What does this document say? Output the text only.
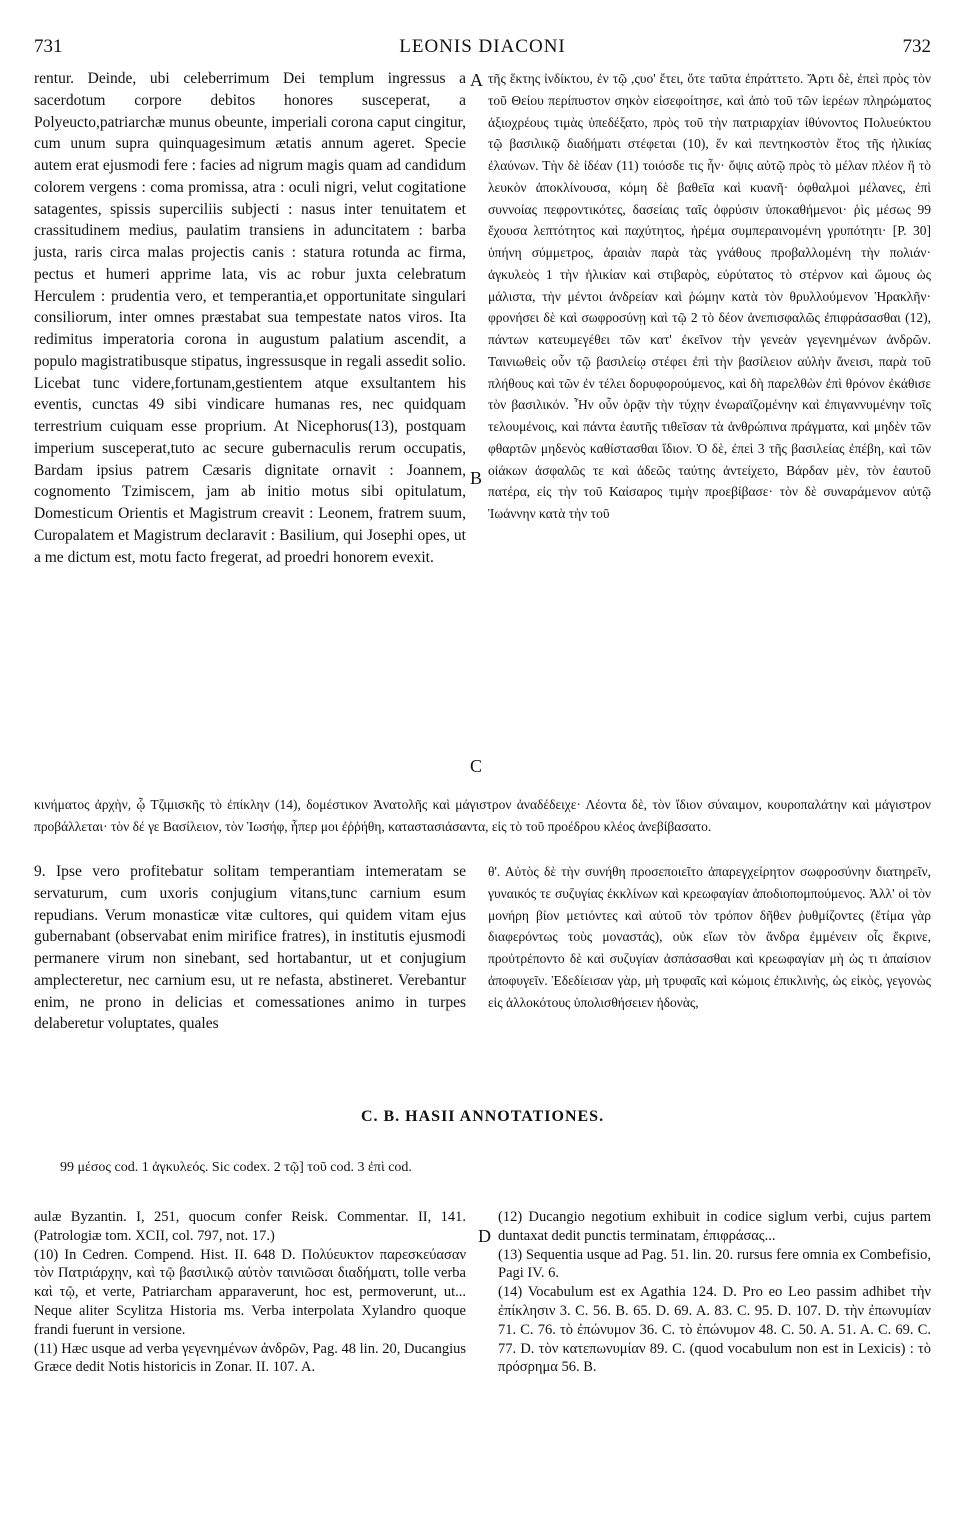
731	LEONIS DIACONI	732

rentur. Deinde, ubi celeberrimum Dei templum ingressus a sacerdotum corpore debitos honores susceperat, a Polyeucto,patriarchæ munus obeunte, imperiali corona caput cingitur, cum unum supra quinquagesimum ætatis annum ageret. Specie autem erat ejusmodi fere : facies ad nigrum magis quam ad candidum colorem vergens : coma promissa, atra : oculi nigri, velut cogitatione satagentes, spissis superciliis subjecti : nasus inter tenuitatem et crassitudinem medius, paulatim transiens in aduncitatem : barba justa, raris circa malas projectis canis : statura rotunda ac firma, pectus et humeri apprime lata, vis ac robur juxta celebratum Herculem : prudentia vero, et temperantia,et opportunitate singulari consiliorum, inter omnes præstabat sua tempestate natos viros. Ita redimitus imperatoria corona in augustum palatium ascendit, a populo magistratibusque stipatus, ingressusque in regali assedit solio. Licebat tunc videre,fortunam,gestientem atque exsultantem his eventis, cunctas 49 sibi vindicare humanas res, nec quidquam terrestrium cuiquam esse proprium. At Nicephorus(13), postquam imperium susceperat,tuto ac secure gubernaculis rerum occupatis, Bardam ipsius patrem Cæsaris dignitate ornavit : Joannem, cognomento Tzimiscem, jam ab initio motus sibi opitulatum, Domesticum Orientis et Magistrum creavit : Leonem, fratrem suum, Curopalatem et Magistrum declaravit : Basilium, qui Josephi opes, ut a me dictum est, motu facto fregerat, ad proedri honorem evexit.

τῆς ἕκτης ἰνδίκτου, ἐν τῷ ,ςυο' ἔτει, ὅτε ταῦτα ἐπράττετο. Ἄρτι δὲ, ἐπεὶ πρὸς τὸν τοῦ Θείου περίπυστον σηκὸν εἰσεφοίτησε, καὶ ἀπὸ τοῦ τῶν ἱερέων πληρώματος ἀξιοχρέους τιμὰς ὑπεδέξατο, πρὸς τοῦ τὴν πατριαρχίαν ἰθύνοντος Πολυεύκτου τῷ βασιλικῷ διαδήματι στέφεται (10), ἕν καὶ πεντηκοστὸν ἔτος τῆς ἡλικίας ἐλαύνων. Τὴν δὲ ἰδέαν (11) τοιόσδε τις ἦν· ὄψις αὐτῷ πρὸς τὸ μέλαν πλέον ἢ τὸ λευκὸν ἀποκλίνουσα, κόμη δὲ βαθεῖα καὶ κυανῆ· ὀφθαλμοὶ μέλανες, ἐπὶ συννοίας πεφροντικότες, δασείαις ταῖς ὀφρύσιν ὑποκαθήμενοι· ῥὶς μέσως 99 ἔχουσα λεπτότητος καὶ παχύτητος, ἠρέμα συμπεραινομένη γρυπότητι· [P. 30] ὑπήνη σύμμετρος, ἀραιὰν παρὰ τὰς γνάθους προβαλλομένη τὴν πολιάν· ἀγκυλεὸς 1 τὴν ἡλικίαν καὶ στιβαρὸς, εὐρύτατος τὸ στέρνον καὶ ὤμους ὡς μάλιστα, τὴν μέντοι ἀνδρείαν καὶ ῥώμην κατὰ τὸν θρυλλούμενον Ἡρακλῆν· φρονήσει δὲ καὶ σωφροσύνῃ καὶ τῷ 2 τὸ δέον ἀνεπισφαλῶς ἐπιφράσασθαι (12), πάντων κατευμεγέθει τῶν κατ' ἐκεῖνον τὴν γενεὰν γεγενημένων ἀνδρῶν. Ταινιωθεὶς οὖν τῷ βασιλείῳ στέφει ἐπὶ τὴν βασίλειον αὐλὴν ἄνεισι, παρὰ τοῦ πλήθους καὶ τῶν ἐν τέλει δορυφορούμενος, καὶ δὴ παρελθὼν ἐπὶ θρόνον ἐκάθισε τὸν βασιλικόν. Ἦν οὖν ὁρᾷν τὴν τύχην ἐνωραϊζομένην καὶ ἐπιγαννυμένην τοῖς τελουμένοις, καὶ πάντα ἑαυτῆς τιθεῖσαν τὰ ἀνθρώπινα πράγματα, καὶ μηδὲν τῶν φθαρτῶν μηδενὸς καθίστασθαι ἴδιον. Ὁ δὲ, ἐπεὶ 3 τῆς βασιλείας ἐπέβη, καὶ τῶν οἰάκων ἀσφαλῶς τε καὶ ἀδεῶς ταύτης ἀντείχετο, Βάρδαν μὲν, τὸν ἑαυτοῦ πατέρα, εἰς τὴν τοῦ Καίσαρος τιμὴν προεβίβασε· τὸν δὲ συναράμενον αὐτῷ Ἰωάννην κατὰ τὴν τοῦ

A
B
C
D

κινήματος ἀρχὴν, ᾧ Τζιμισκῆς τὸ ἐπίκλην (14), δομέστικον Ἀνατολῆς καὶ μάγιστρον ἀναδέδειχε· Λέοντα δὲ, τὸν ἴδιον σύναιμον, κουροπαλάτην καὶ μάγιστρον προβάλλεται· τὸν δέ γε Βασίλειον, τὸν Ἰωσήφ, ἧπερ μοι ἐῤῥήθη, καταστασιάσαντα, εἰς τὸ τοῦ προέδρου κλέος ἀνεβίβασατο.

9. Ipse vero profitebatur solitam temperantiam intemeratam se servaturum, cum uxoris conjugium vitans,tunc carnium esum repudians. Verum monasticæ vitæ cultores, qui quidem vitam ejus gubernabant (observabat enim mirifice fratres), in institutis ejusmodi permanere virum non sinebant, sed hortabantur, ut et conjugium amplecteretur, nec carnium esu, ut re nefasta, abstineret. Verebantur enim, ne prono in delicias et comessationes animo in turpes delaberetur voluptates, quales

θ'. Αὐτὸς δὲ τὴν συνήθη προσεποιεῖτο ἀπαρεγχείρητον σωφροσύνην διατηρεῖν, γυναικός τε συζυγίας ἐκκλίνων καὶ κρεωφαγίαν ἀποδιοπομπούμενος. Ἀλλ' οἱ τὸν μονήρη βίον μετιόντες καὶ αὐτοῦ τὸν τρόπον δῆθεν ῥυθμίζοντες (ἔτίμα γὰρ διαφερόντως τοὺς μοναστάς), οὐκ εἴων τὸν ἄνδρα ἐμμένειν οἷς ἔκρινε, προὐτρέποντο δὲ καὶ συζυγίαν ἀσπάσασθαι καὶ κρεωφαγίαν μὴ ὡς τι ἀπαίσιον ἀποφυγεῖν. Ἐδεδίεισαν γὰρ, μὴ τρυφαῖς καὶ κώμοις ἐπικλινὴς, ὡς εἰκὸς, γεγονὼς εἰς ἀλλοκότους ὑπολισθήσειεν ἡδονὰς,

C. B. HASII ANNOTATIONES.
99 μέσος cod. 1 ἀγκυλεός. Sic codex. 2 τῷ] τοῦ cod. 3 ἐπὶ cod.

aulæ Byzantin. I, 251, quocum confer Reisk. Commentar. II, 141. (Patrologiæ tom. XCII, col. 797, not. 17.)

(10) In Cedren. Compend. Hist. II. 648 D. Πολύευκτον παρεσκεύασαν τὸν Πατριάρχην, καὶ τῷ βασιλικῷ αὐτὸν ταινιῶσαι διαδήματι, tolle verba καὶ τῷ, et verte, Patriarcham apparaverunt, hoc est, permoverunt, ut... Neque aliter Scylitza Historia ms. Verba interpolata Xylandro quoque frandi fuerunt in versione.

(11) Hæc usque ad verba γεγενημένων ἀνδρῶν, Pag. 48 lin. 20, Ducangius Græce dedit Notis historicis in Zonar. II. 107. A.

(12) Ducangio negotium exhibuit in codice siglum verbi, cujus partem duntaxat dedit punctis terminatam, ἐπιφράσας...

(13) Sequentia usque ad Pag. 51. lin. 20. rursus fere omnia ex Combefisio, Pagi IV. 6.

(14) Vocabulum est ex Agathia 124. D. Pro eo Leo passim adhibet τὴν ἐπίκλησιν 3. C. 56. B. 65. D. 69. A. 83. C. 95. D. 107. D. τὴν ἐπωνυμίαν 71. C. 76. τὸ ἐπώνυμον 36. C. τὸ ἐπώνυμον 48. C. 50. A. 51. A. C. 69. C. 77. D. τὸν κατεπωνυμίαν 89. C. (quod vocabulum non est in Lexicis) : τὸ πρόσρημα 56. B.
